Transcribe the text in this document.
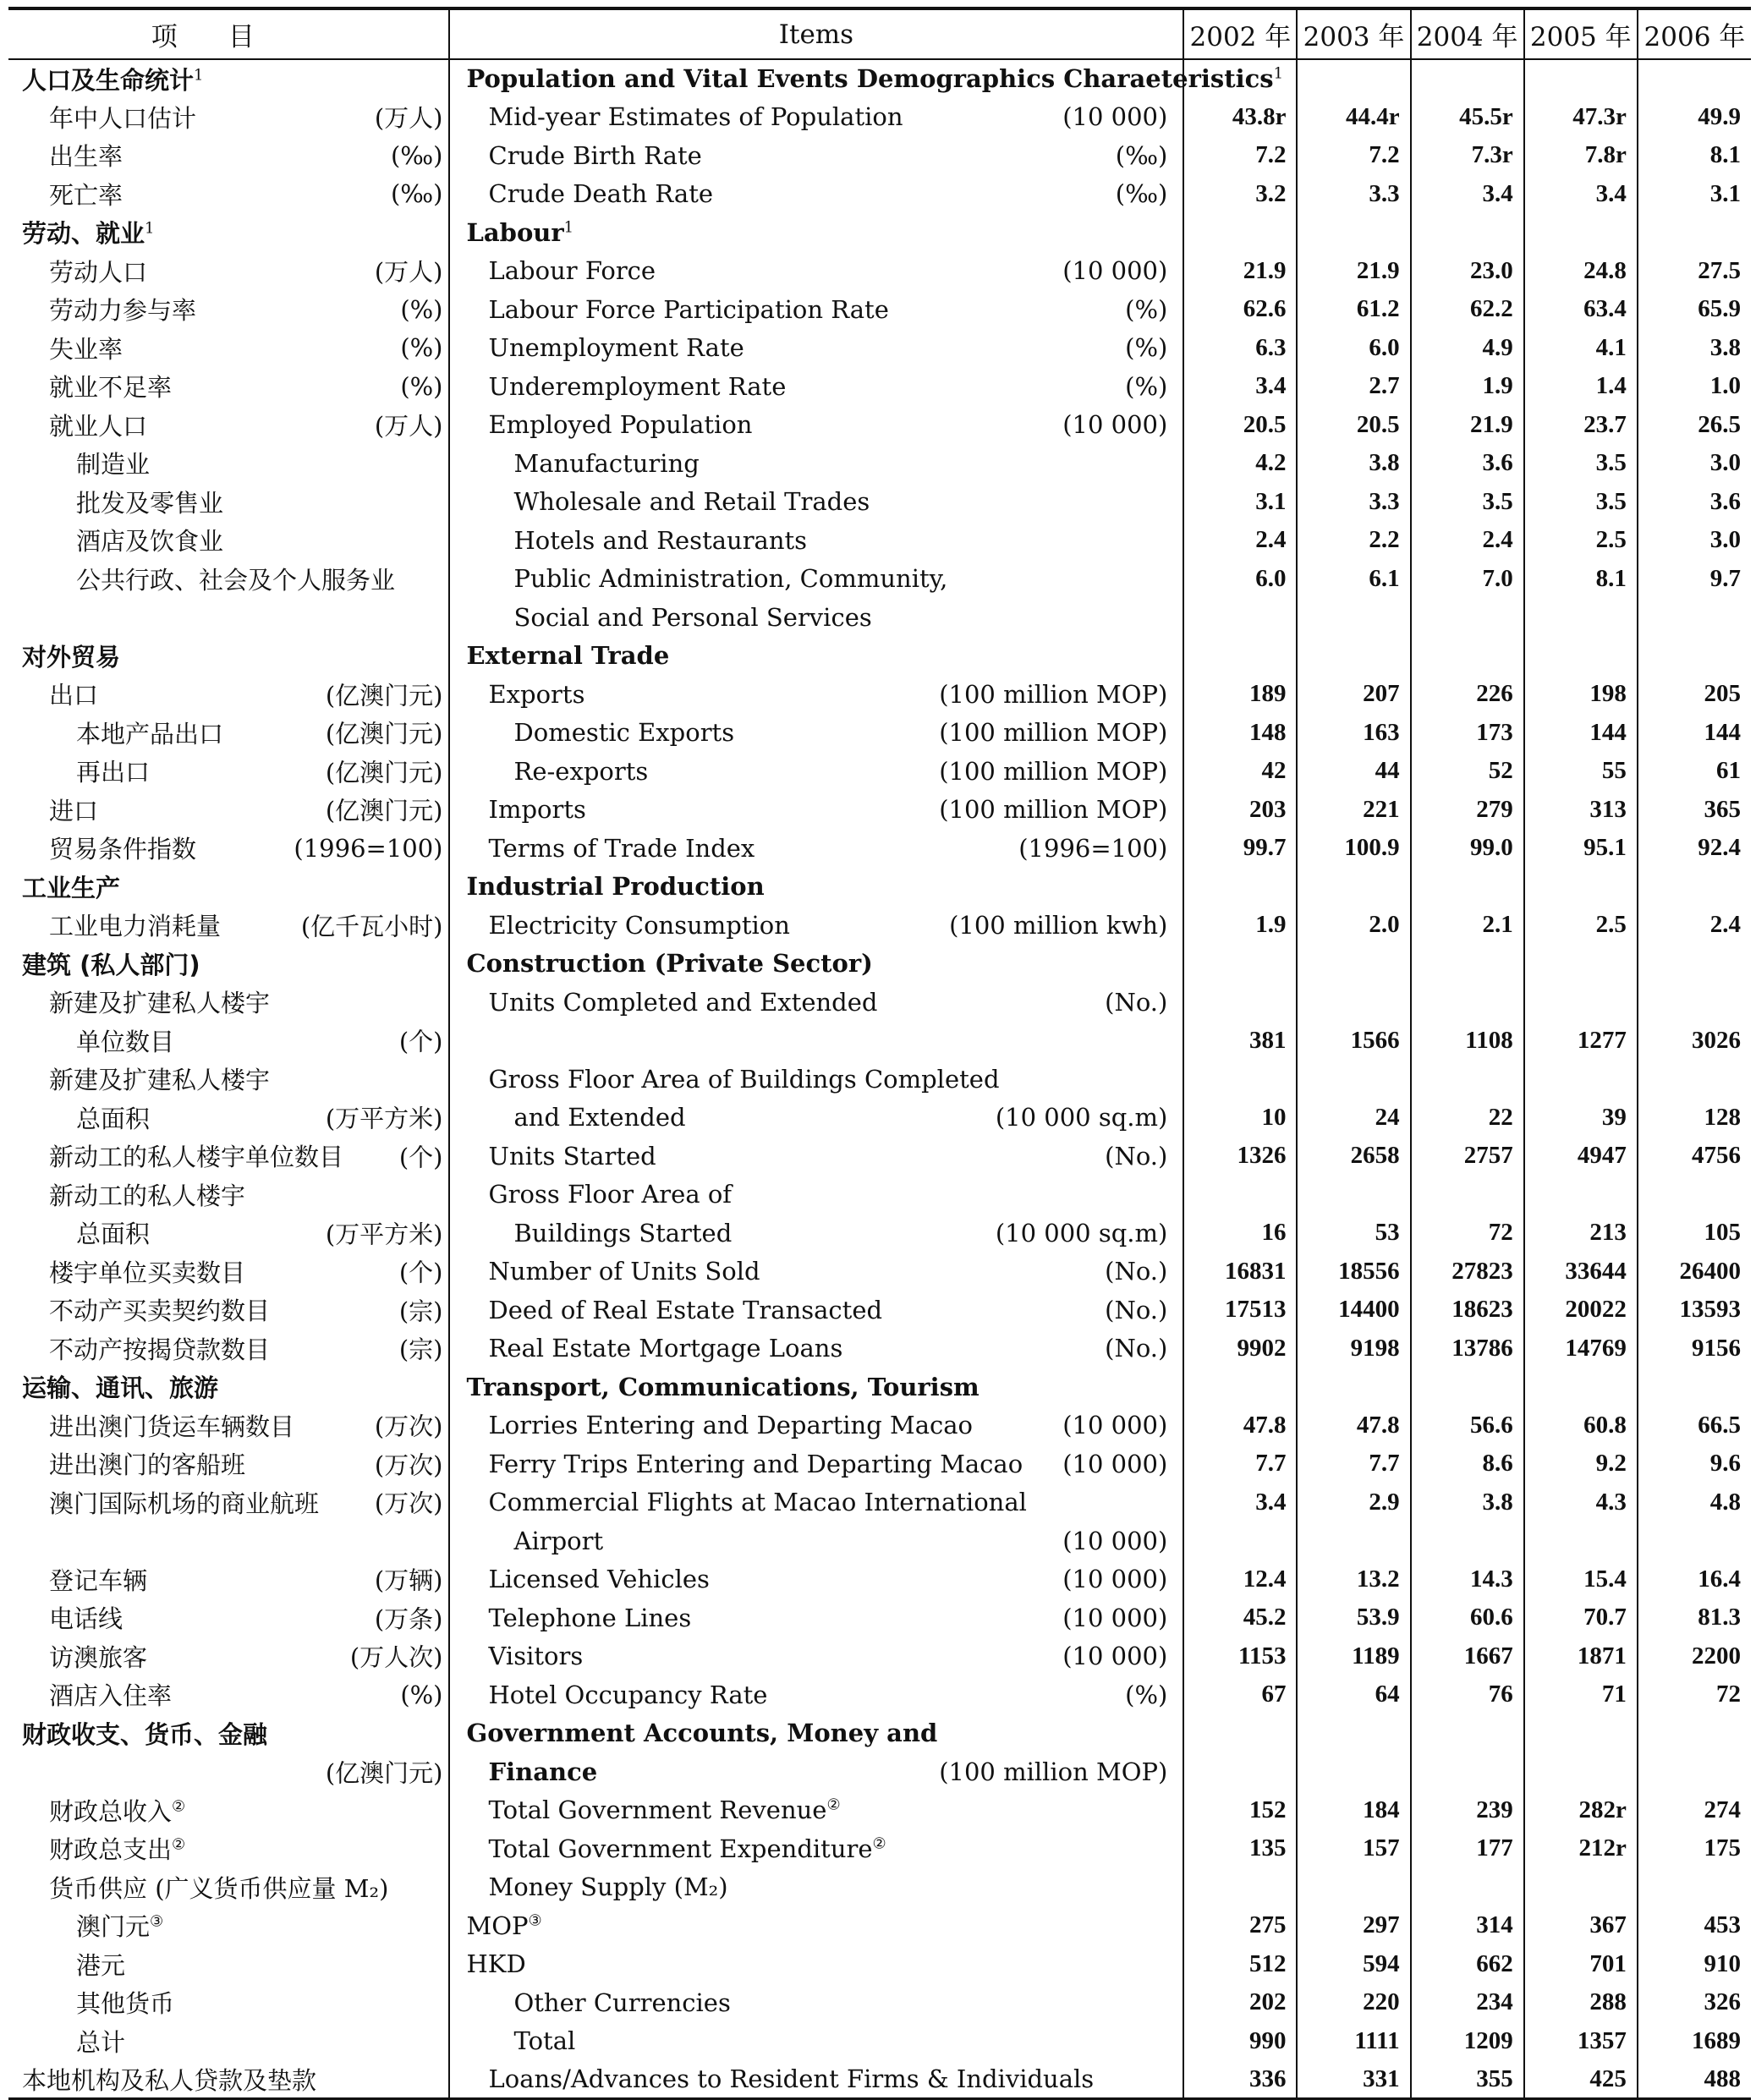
项目	Items	2002 年	2003 年	2004 年	2005 年	2006 年
人口及生命统计$^1$	Population and Vital Events Demographics Charaeteristics$^1$					
年中人口估计 (万人)	Mid-year Estimates of Population (10 000)	43.8r	44.4r	45.5r	47.3r	49.9
出生率 (‰)	Crude Birth Rate (‰)	7.2	7.2	7.3r	7.8r	8.1
死亡率 (‰)	Crude Death Rate (‰)	3.2	3.3	3.4	3.4	3.1
劳动、就业$^1$	Labour$^1$					
劳动人口 (万人)	Labour Force (10 000)	21.9	21.9	23.0	24.8	27.5
劳动力参与率 (%)	Labour Force Participation Rate (%)	62.6	61.2	62.2	63.4	65.9
失业率 (%)	Unemployment Rate (%)	6.3	6.0	4.9	4.1	3.8
就业不足率 (%)	Underemployment Rate (%)	3.4	2.7	1.9	1.4	1.0
就业人口 (万人)	Employed Population (10 000)	20.5	20.5	21.9	23.7	26.5
制造业	Manufacturing	4.2	3.8	3.6	3.5	3.0
批发及零售业	Wholesale and Retail Trades	3.1	3.3	3.5	3.5	3.6
酒店及饮食业	Hotels and Restaurants	2.4	2.2	2.4	2.5	3.0
公共行政、社会及个人服务业	Public Administration, Community,	6.0	6.1	7.0	8.1	9.7
	Social and Personal Services					
对外贸易	External Trade					
出口 (亿澳门元)	Exports (100 million MOP)	189	207	226	198	205
本地产品出口 (亿澳门元)	Domestic Exports (100 million MOP)	148	163	173	144	144
再出口 (亿澳门元)	Re-exports (100 million MOP)	42	44	52	55	61
进口 (亿澳门元)	Imports (100 million MOP)	203	221	279	313	365
贸易条件指数 (1996=100)	Terms of Trade Index (1996=100)	99.7	100.9	99.0	95.1	92.4
工业生产	Industrial Production					
工业电力消耗量 (亿千瓦小时)	Electricity Consumption (100 million kwh)	1.9	2.0	2.1	2.5	2.4
建筑 (私人部门)	Construction (Private Sector)					
新建及扩建私人楼宇	Units Completed and Extended (No.)					

单位数目 (个)		381	1566	1108	1277	3026
新建及扩建私人楼宇	Gross Floor Area of Buildings Completed					
总面积 (万平方米)	and Extended (10 000 sq.m)	10	24	22	39	128
新动工的私人楼宇单位数目 (个)	Units Started (No.)	1326	2658	2757	4947	4756
新动工的私人楼宇	Gross Floor Area of					
总面积 (万平方米)	Buildings Started (10 000 sq.m)	16	53	72	213	105
楼宇单位买卖数目 (个)	Number of Units Sold (No.)	16831	18556	27823	33644	26400
不动产买卖契约数目 (宗)	Deed of Real Estate Transacted (No.)	17513	14400	18623	20022	13593
不动产按揭贷款数目 (宗)	Real Estate Mortgage Loans (No.)	9902	9198	13786	14769	9156
运输、通讯、旅游	Transport, Communications, Tourism					
进出澳门货运车辆数目 (万次)	Lorries Entering and Departing Macao (10 000)	47.8	47.8	56.6	60.8	66.5
进出澳门的客船班 (万次)	Ferry Trips Entering and Departing Macao (10 000)	7.7	7.7	8.6	9.2	9.6
澳门国际机场的商业航班 (万次)	Commercial Flights at Macao International	3.4	2.9	3.8	4.3	4.8
	Airport (10 000)					

登记车辆 (万辆)	Licensed Vehicles (10 000)	12.4	13.2	14.3	15.4	16.4
电话线 (万条)	Telephone Lines (10 000)	45.2	53.9	60.6	70.7	81.3
访澳旅客 (万人次)	Visitors (10 000)	1153	1189	1667	1871	2200
酒店入住率 (%)	Hotel Occupancy Rate (%)	67	64	76	71	72
财政收支、货币、金融	Government Accounts, Money and					

(亿澳门元)	Finance (100 million MOP)					

财政总收入②	Total Government Revenue②	152	184	239	282r	274
财政总支出②	Total Government Expenditure②	135	157	177	212r	175
货币供应 (广义货币供应量 M₂)	Money Supply (M₂)					
澳门元③	MOP③	275	297	314	367	453
港元	HKD	512	594	662	701	910
其他货币	Other Currencies	202	220	234	288	326
总计	Total	990	1111	1209	1357	1689
本地机构及私人贷款及垫款	Loans/Advances to Resident Firms & Individuals	336	331	355	425	488
